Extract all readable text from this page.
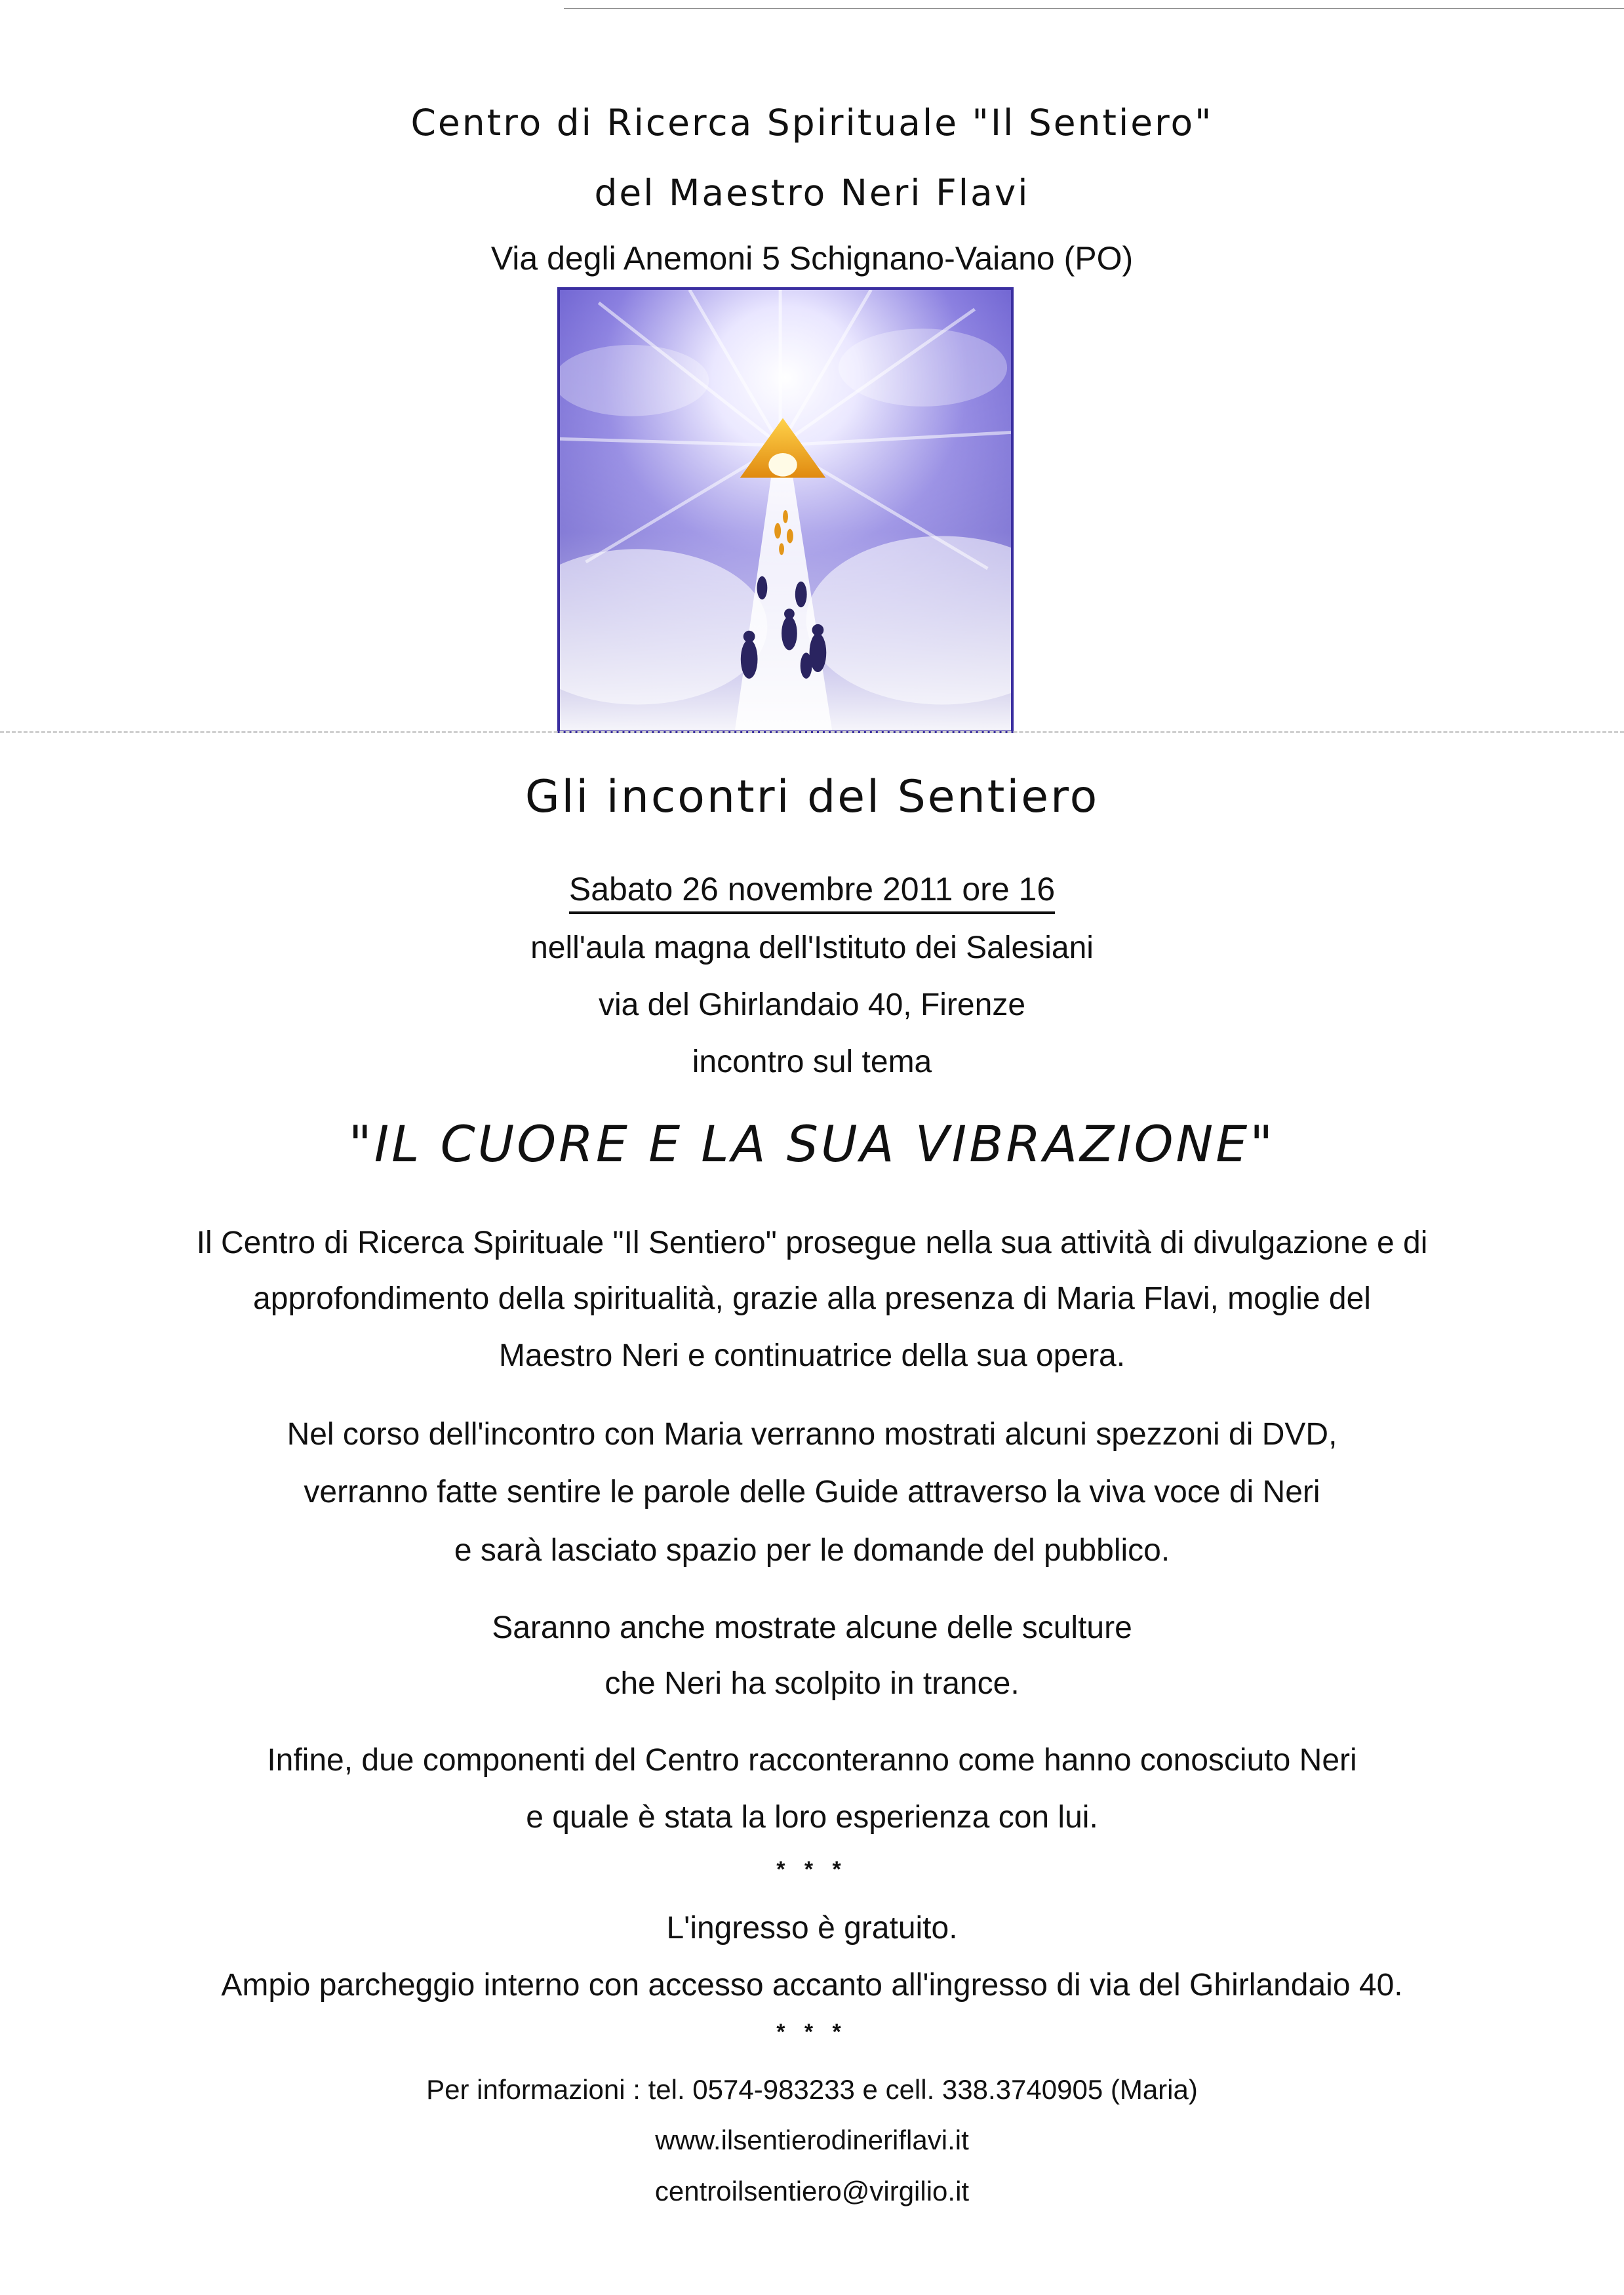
Centro di Ricerca Spirituale "Il Sentiero"
del Maestro Neri Flavi
Via degli Anemoni 5 Schignano-Vaiano (PO)
Gli incontri del Sentiero
Sabato 26 novembre 2011 ore 16
nell'aula magna dell'Istituto dei Salesiani
via del Ghirlandaio 40, Firenze
incontro sul tema
"IL CUORE E LA SUA VIBRAZIONE"
Il Centro di Ricerca Spirituale "Il Sentiero" prosegue nella sua attività di divulgazione e di
approfondimento della spiritualità, grazie alla presenza di Maria Flavi, moglie del
Maestro Neri e continuatrice della sua opera.
Nel corso dell'incontro con Maria verranno mostrati alcuni spezzoni di DVD,
verranno fatte sentire le parole delle Guide attraverso la viva voce di Neri
e sarà lasciato spazio per le domande del pubblico.
Saranno anche mostrate alcune delle sculture
che Neri ha scolpito in trance.
Infine, due componenti del Centro racconteranno come hanno conosciuto Neri
e quale è stata la loro esperienza con lui.
* * *
L'ingresso è gratuito.
Ampio parcheggio interno con accesso accanto all'ingresso di via del Ghirlandaio 40.
* * *
Per informazioni : tel. 0574-983233 e cell. 338.3740905 (Maria)
www.ilsentierodineriflavi.it
centroilsentiero@virgilio.it
